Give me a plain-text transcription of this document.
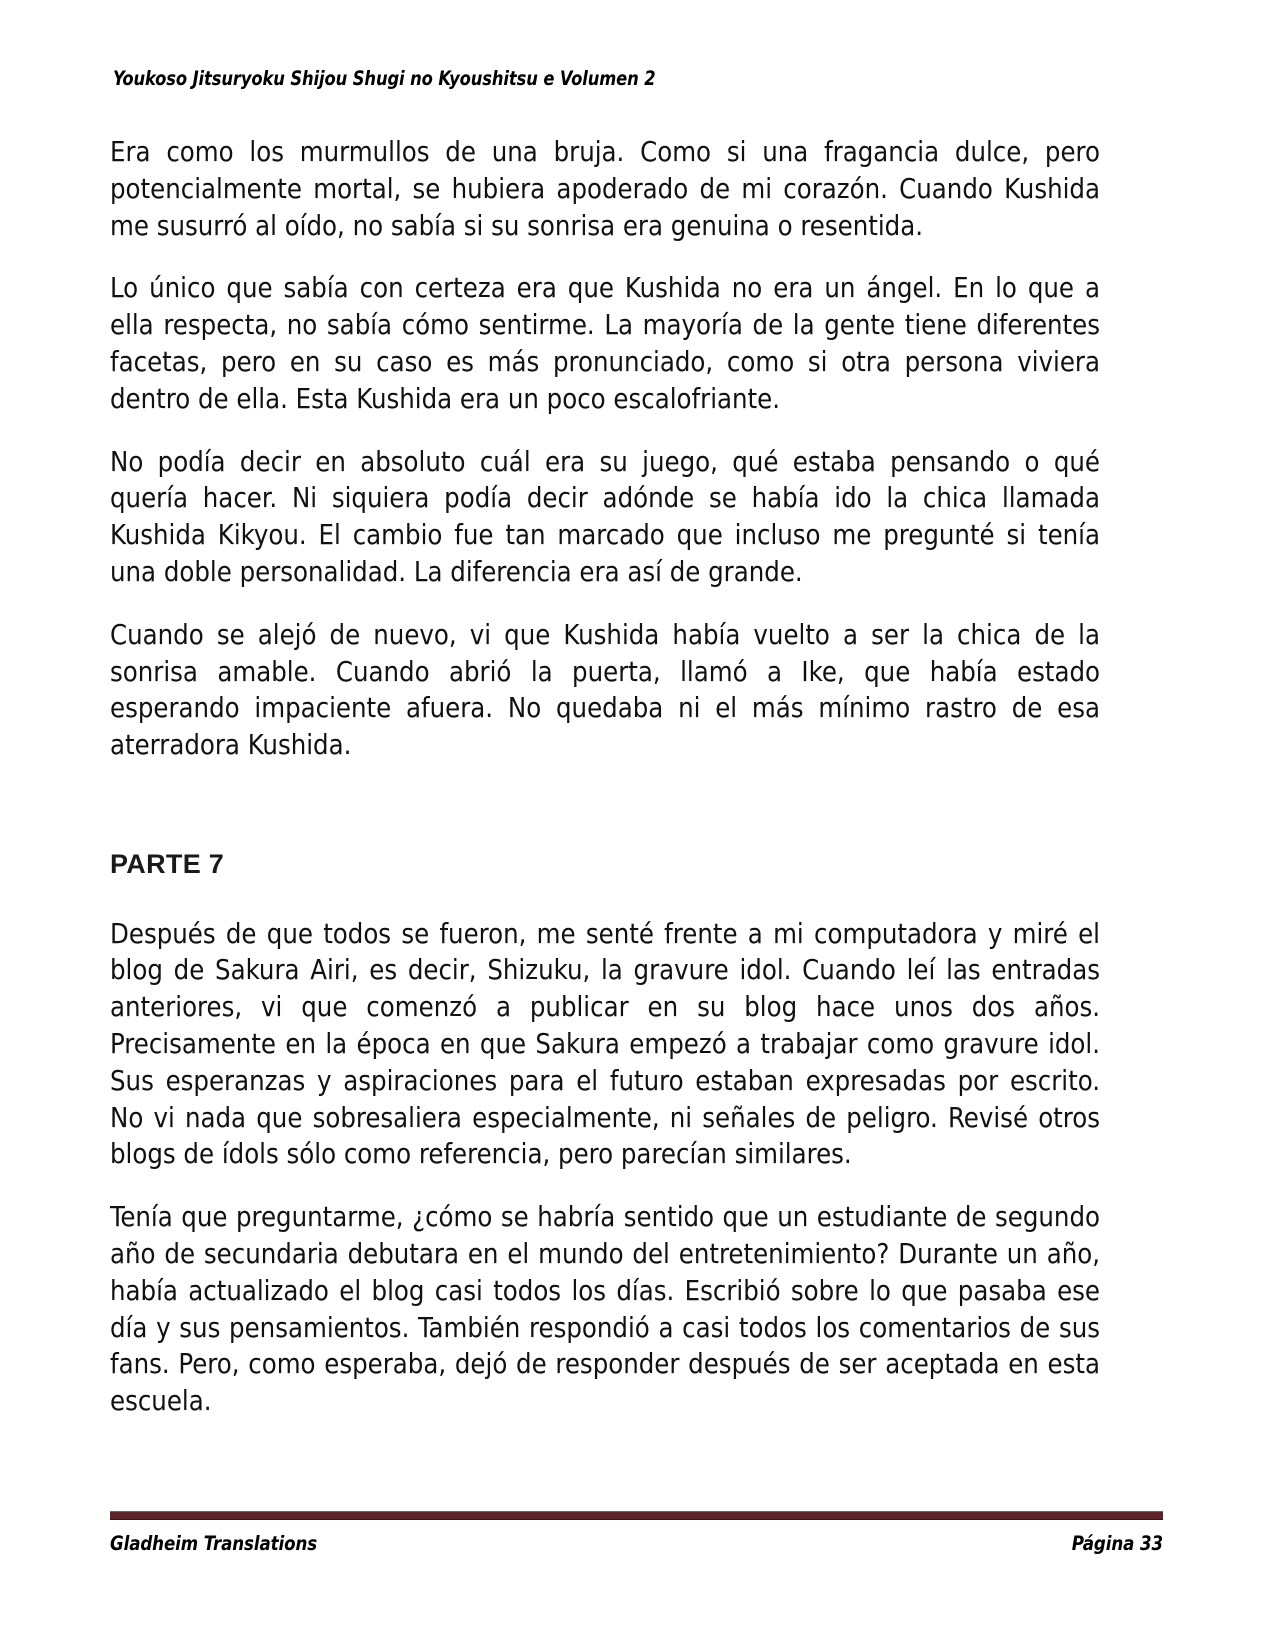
Youkoso Jitsuryoku Shijou Shugi no Kyoushitsu e Volumen 2

Era como los murmullos de una bruja. Como si una fragancia dulce, pero potencialmente mortal, se hubiera apoderado de mi corazón. Cuando Kushida me susurró al oído, no sabía si su sonrisa era genuina o resentida.

Lo único que sabía con certeza era que Kushida no era un ángel. En lo que a ella respecta, no sabía cómo sentirme. La mayoría de la gente tiene diferentes facetas, pero en su caso es más pronunciado, como si otra persona viviera dentro de ella. Esta Kushida era un poco escalofriante.

No podía decir en absoluto cuál era su juego, qué estaba pensando o qué quería hacer. Ni siquiera podía decir adónde se había ido la chica llamada Kushida Kikyou. El cambio fue tan marcado que incluso me pregunté si tenía una doble personalidad. La diferencia era así de grande.

Cuando se alejó de nuevo, vi que Kushida había vuelto a ser la chica de la sonrisa amable. Cuando abrió la puerta, llamó a Ike, que había estado esperando impaciente afuera. No quedaba ni el más mínimo rastro de esa aterradora Kushida.

PARTE 7

Después de que todos se fueron, me senté frente a mi computadora y miré el blog de Sakura Airi, es decir, Shizuku, la gravure idol. Cuando leí las entradas anteriores, vi que comenzó a publicar en su blog hace unos dos años. Precisamente en la época en que Sakura empezó a trabajar como gravure idol. Sus esperanzas y aspiraciones para el futuro estaban expresadas por escrito. No vi nada que sobresaliera especialmente, ni señales de peligro. Revisé otros blogs de ídols sólo como referencia, pero parecían similares.

Tenía que preguntarme, ¿cómo se habría sentido que un estudiante de segundo año de secundaria debutara en el mundo del entretenimiento? Durante un año, había actualizado el blog casi todos los días. Escribió sobre lo que pasaba ese día y sus pensamientos. También respondió a casi todos los comentarios de sus fans. Pero, como esperaba, dejó de responder después de ser aceptada en esta escuela.

Gladheim Translations	Página 33
